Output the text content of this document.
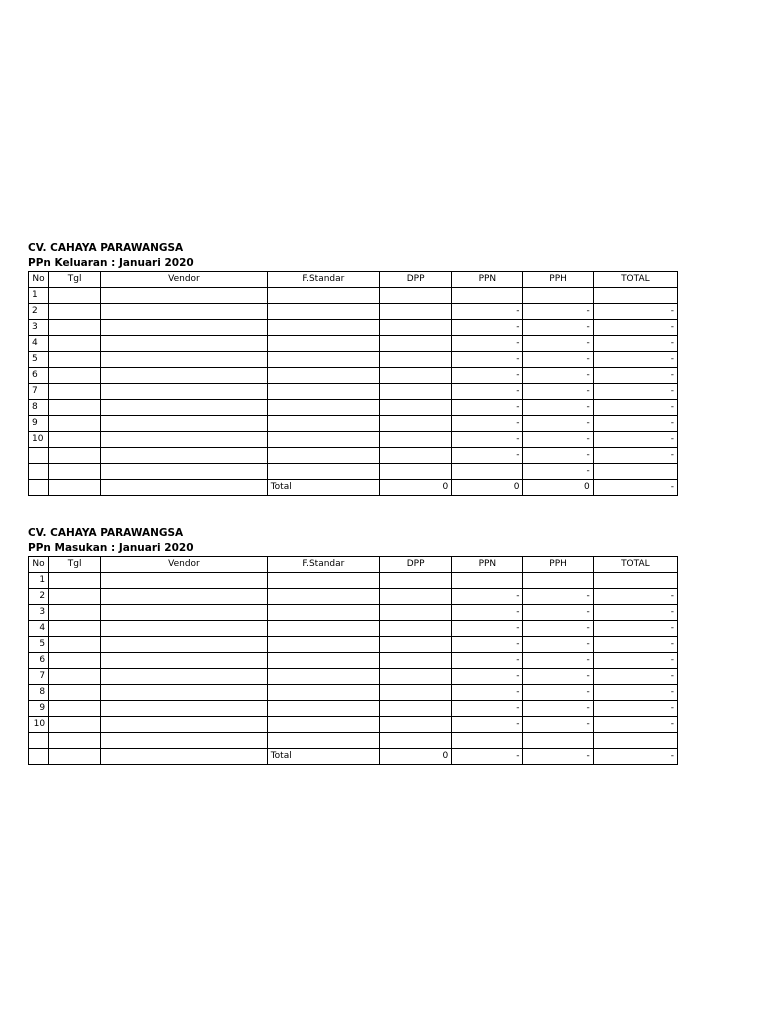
CV. CAHAYA PARAWANGSA
PPn Keluaran : Januari 2020
No	Tgl	Vendor	F.Standar	DPP	PPN	PPH	TOTAL
1							
2					-	-	-
3					-	-	-
4					-	-	-
5					-	-	-
6					-	-	-
7					-	-	-
8					-	-	-
9					-	-	-
10					-	-	-
					-	-	-
						-	
			Total	0	0	0	-
CV. CAHAYA PARAWANGSA
PPn Masukan : Januari 2020
No	Tgl	Vendor	F.Standar	DPP	PPN	PPH	TOTAL
1							
2					-	-	-
3					-	-	-
4					-	-	-
5					-	-	-
6					-	-	-
7					-	-	-
8					-	-	-
9					-	-	-
10					-	-	-

			Total	0	-	-	-
